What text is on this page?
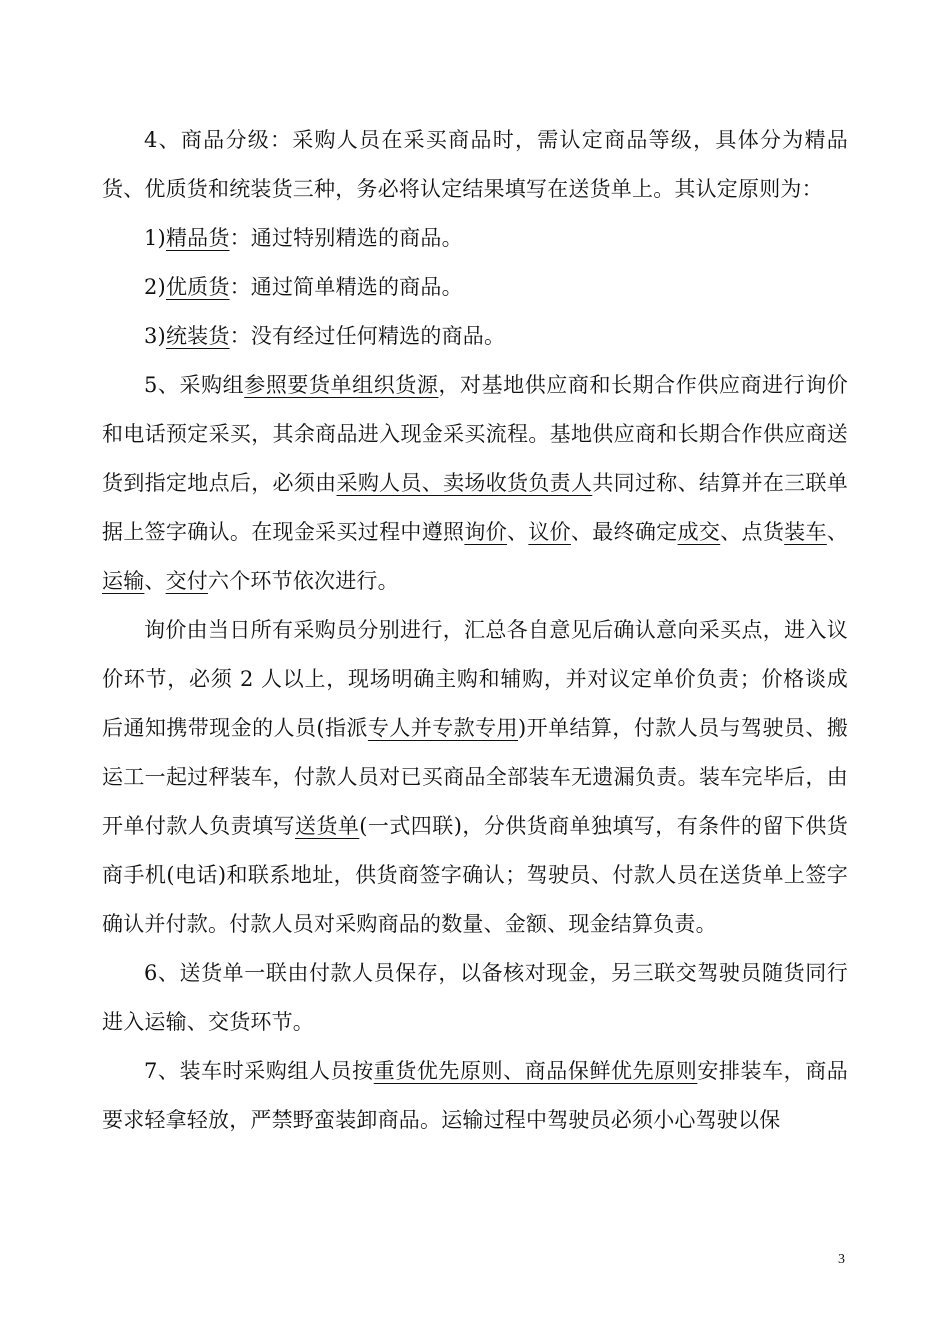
4、商品分级：采购人员在采买商品时，需认定商品等级，具体分为精品货、优质货和统装货三种，务必将认定结果填写在送货单上。其认定原则为：

1)精品货：通过特别精选的商品。

2)优质货：通过简单精选的商品。

3)统装货：没有经过任何精选的商品。

5、采购组参照要货单组织货源，对基地供应商和长期合作供应商进行询价和电话预定采买，其余商品进入现金采买流程。基地供应商和长期合作供应商送货到指定地点后，必须由采购人员、卖场收货负责人共同过称、结算并在三联单据上签字确认。在现金采买过程中遵照询价、议价、最终确定成交、点货装车、运输、交付六个环节依次进行。

询价由当日所有采购员分别进行，汇总各自意见后确认意向采买点，进入议价环节，必须 2 人以上，现场明确主购和辅购，并对议定单价负责；价格谈成后通知携带现金的人员(指派专人并专款专用)开单结算，付款人员与驾驶员、搬运工一起过秤装车，付款人员对已买商品全部装车无遗漏负责。装车完毕后，由开单付款人负责填写送货单(一式四联)，分供货商单独填写，有条件的留下供货商手机(电话)和联系地址，供货商签字确认；驾驶员、付款人员在送货单上签字确认并付款。付款人员对采购商品的数量、金额、现金结算负责。

6、送货单一联由付款人员保存，以备核对现金，另三联交驾驶员随货同行进入运输、交货环节。

7、装车时采购组人员按重货优先原则、商品保鲜优先原则安排装车，商品要求轻拿轻放，严禁野蛮装卸商品。运输过程中驾驶员必须小心驾驶以保

3
